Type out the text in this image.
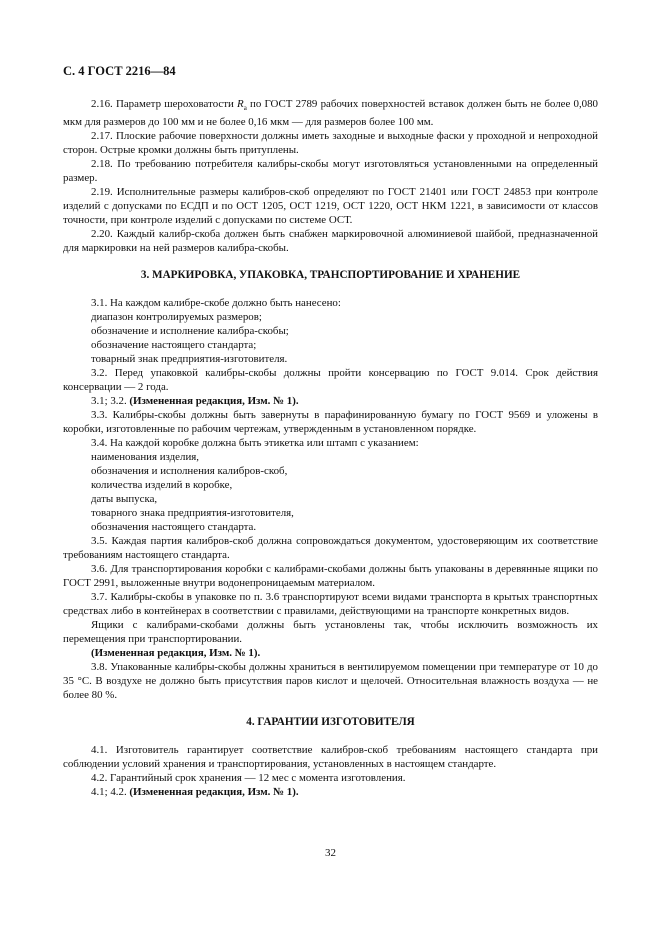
С. 4 ГОСТ 2216—84

2.16. Параметр шероховатости $R_a$ по ГОСТ 2789 рабочих поверхностей вставок должен быть не более 0,080 мкм для размеров до 100 мм и не более 0,16 мкм — для размеров более 100 мм.

2.17. Плоские рабочие поверхности должны иметь заходные и выходные фаски у проходной и непроходной сторон. Острые кромки должны быть притуплены.

2.18. По требованию потребителя калибры-скобы могут изготовляться установленными на определенный размер.

2.19. Исполнительные размеры калибров-скоб определяют по ГОСТ 21401 или ГОСТ 24853 при контроле изделий с допусками по ЕСДП и по ОСТ 1205, ОСТ 1219, ОСТ 1220, ОСТ НКМ 1221, в зависимости от классов точности, при контроле изделий с допусками по системе ОСТ.

2.20. Каждый калибр-скоба должен быть снабжен маркировочной алюминиевой шайбой, предназначенной для маркировки на ней размеров калибра-скобы.

3. МАРКИРОВКА, УПАКОВКА, ТРАНСПОРТИРОВАНИЕ И ХРАНЕНИЕ

3.1. На каждом калибре-скобе должно быть нанесено:

диапазон контролируемых размеров;

обозначение и исполнение калибра-скобы;

обозначение настоящего стандарта;

товарный знак предприятия-изготовителя.

3.2. Перед упаковкой калибры-скобы должны пройти консервацию по ГОСТ 9.014. Срок действия консервации — 2 года.

3.1; 3.2. (Измененная редакция, Изм. № 1).

3.3. Калибры-скобы должны быть завернуты в парафинированную бумагу по ГОСТ 9569 и уложены в коробки, изготовленные по рабочим чертежам, утвержденным в установленном порядке.

3.4. На каждой коробке должна быть этикетка или штамп с указанием:

наименования изделия,

обозначения и исполнения калибров-скоб,

количества изделий в коробке,

даты выпуска,

товарного знака предприятия-изготовителя,

обозначения настоящего стандарта.

3.5. Каждая партия калибров-скоб должна сопровождаться документом, удостоверяющим их соответствие требованиям настоящего стандарта.

3.6. Для транспортирования коробки с калибрами-скобами должны быть упакованы в деревянные ящики по ГОСТ 2991, выложенные внутри водонепроницаемым материалом.

3.7. Калибры-скобы в упаковке по п. 3.6 транспортируют всеми видами транспорта в крытых транспортных средствах либо в контейнерах в соответствии с правилами, действующими на транспорте конкретных видов.

Ящики с калибрами-скобами должны быть установлены так, чтобы исключить возможность их перемещения при транспортировании.

(Измененная редакция, Изм. № 1).

3.8. Упакованные калибры-скобы должны храниться в вентилируемом помещении при температуре от 10 до 35 °С. В воздухе не должно быть присутствия паров кислот и щелочей. Относительная влажность воздуха — не более 80 %.

4. ГАРАНТИИ ИЗГОТОВИТЕЛЯ

4.1. Изготовитель гарантирует соответствие калибров-скоб требованиям настоящего стандарта при соблюдении условий хранения и транспортирования, установленных в настоящем стандарте.

4.2. Гарантийный срок хранения — 12 мес с момента изготовления.

4.1; 4.2. (Измененная редакция, Изм. № 1).

32
